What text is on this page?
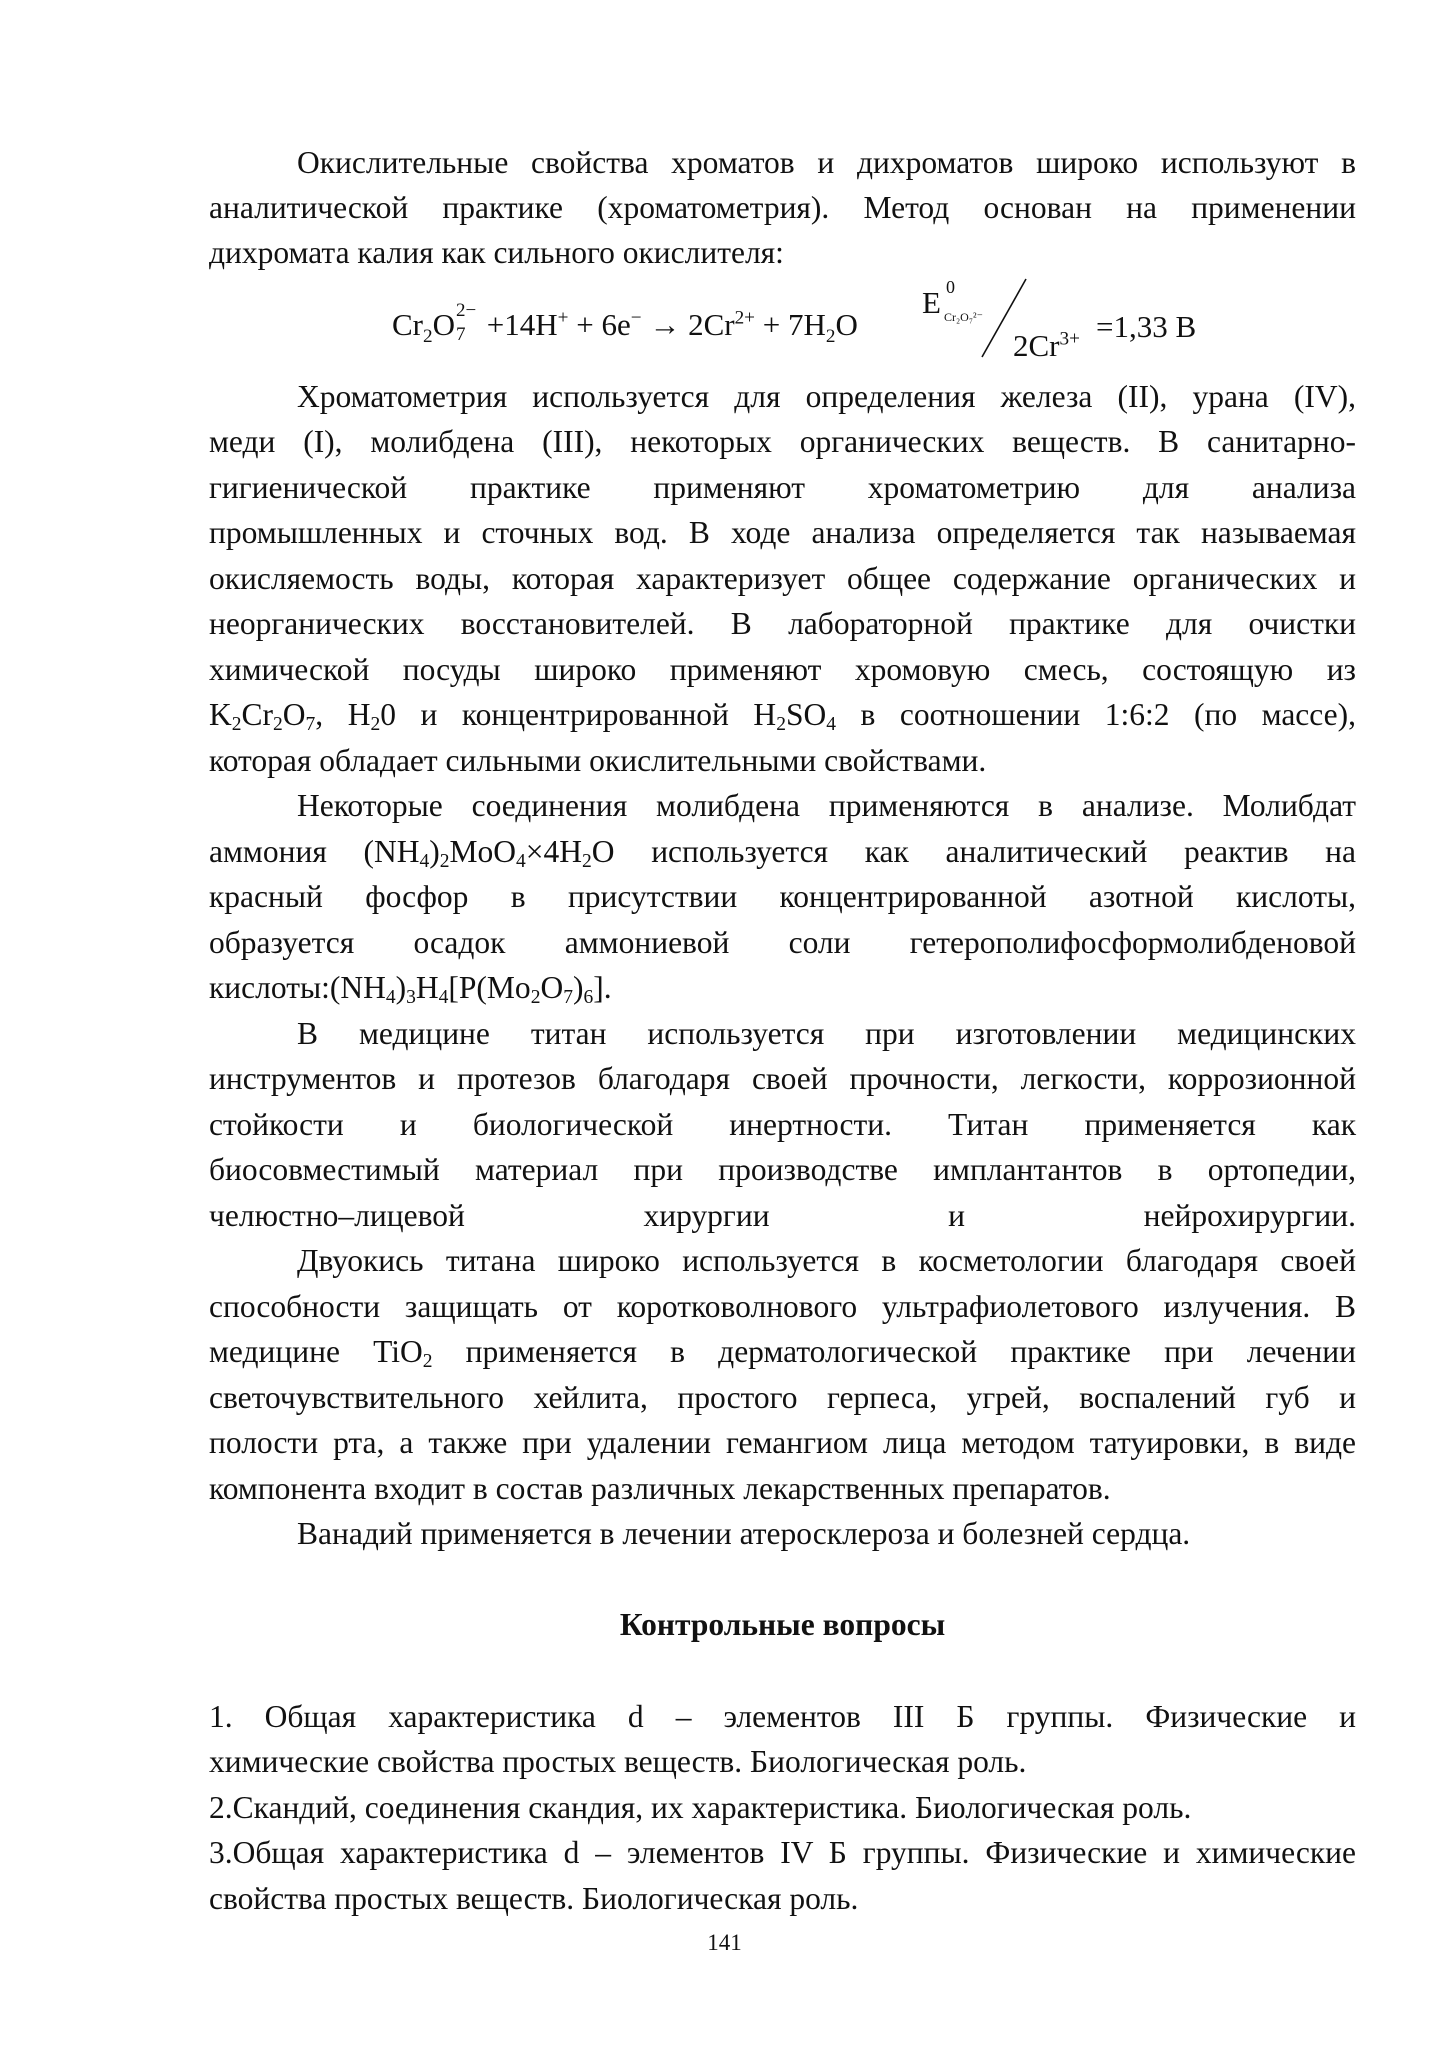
Окислительные свойства хроматов и дихроматов широко используют в
аналитической практике (хроматометрия). Метод основан на применении
дихромата калия как сильного окислителя:
$Cr_2O$ 2−
$7 +14H^+ + 6e^- \to 2Cr^{2+} + 7H_2O$
E 0
Cr₂O₇²⁻
$2Cr^{3+} =1,33$ B
Хроматометрия используется для определения железа (II), урана (IV),
меди (I), молибдена (III), некоторых органических веществ. В санитарно-
гигиенической практике применяют хроматометрию для анализа
промышленных и сточных вод. В ходе анализа определяется так называемая
окисляемость воды, которая характеризует общее содержание органических и
неорганических восстановителей. В лабораторной практике для очистки
химической посуды широко применяют хромовую смесь, состоящую из
$K_2Cr_2O_7$, $H_20$ и концентрированной $H_2SO_4$ в соотношении 1:6:2 (по массе),
которая обладает сильными окислительными свойствами.
Некоторые соединения молибдена применяются в анализе. Молибдат
аммония $(NH_4)_2MoO_4\times 4H_2O$ используется как аналитический реактив на
красный фосфор в присутствии концентрированной азотной кислоты,
образуется осадок аммониевой соли гетерополифосформолибденовой
$кислоты:(NH_4)_3H_4[P(Mo_2O_7)_6]$.
В медицине титан используется при изготовлении медицинских
инструментов и протезов благодаря своей прочности, легкости, коррозионной
стойкости и биологической инертности. Титан применяется как
биосовместимый материал при производстве имплантантов в ортопедии,
челюстно–лицевой хирургии и нейрохирургии.
Двуокись титана широко используется в косметологии благодаря своей
способности защищать от коротковолнового ультрафиолетового излучения. В
медицине TiO$_2$ применяется в дерматологической практике при лечении
светочувствительного хейлита, простого герпеса, угрей, воспалений губ и
полости рта, а также при удалении гемангиом лица методом татуировки, в виде
компонента входит в состав различных лекарственных препаратов.
Ванадий применяется в лечении атеросклероза и болезней сердца.
Контрольные вопросы
1. Общая характеристика d – элементов III Б группы. Физические и
химические свойства простых веществ. Биологическая роль.
2.Скандий, соединения скандия, их характеристика. Биологическая роль.
3.Общая характеристика d – элементов IV Б группы. Физические и химические
свойства простых веществ. Биологическая роль.
141
